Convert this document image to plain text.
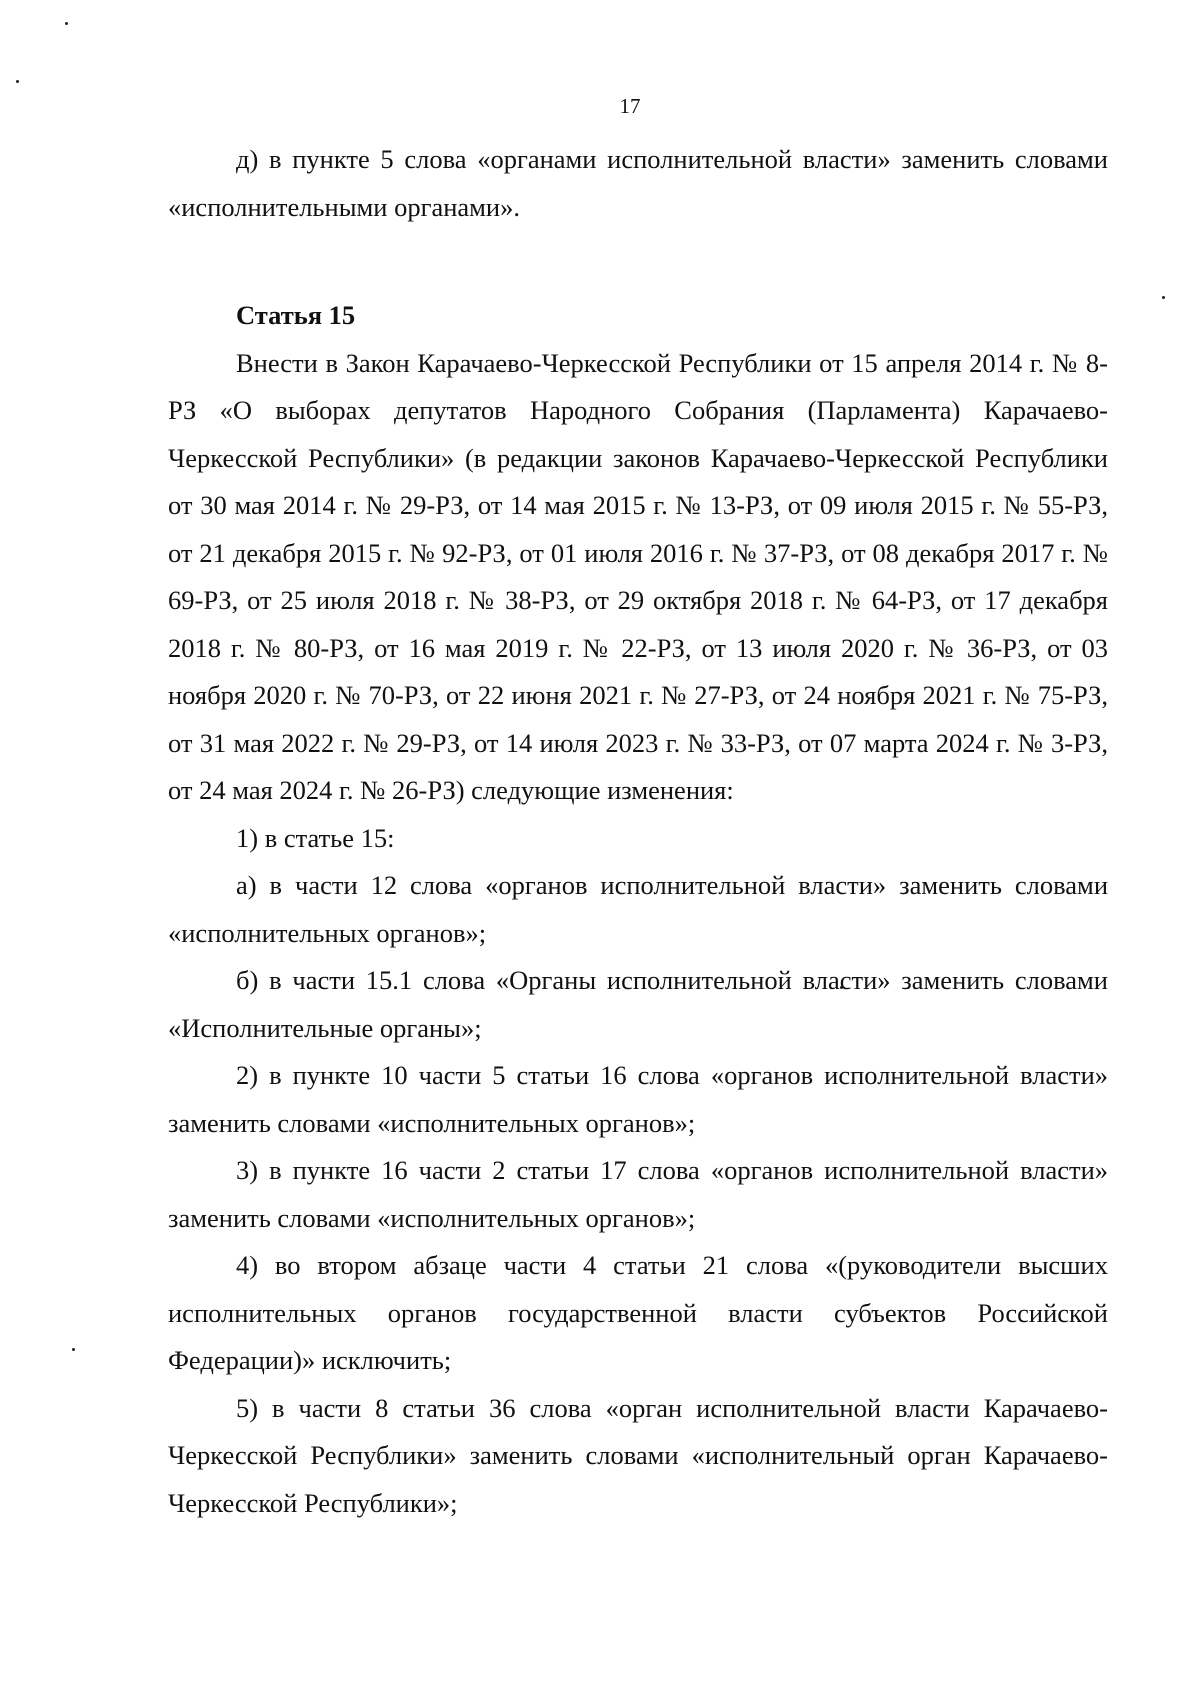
17

д) в пункте 5 слова «органами исполнительной власти» заменить словами «исполнительными органами».

Статья 15

Внести в Закон Карачаево-Черкесской Республики от 15 апреля 2014 г. № 8-РЗ «О выборах депутатов Народного Собрания (Парламента) Карачаево-Черкесской Республики» (в редакции законов Карачаево-Черкесской Республики от 30 мая 2014 г. № 29-РЗ, от 14 мая 2015 г. № 13-РЗ, от 09 июля 2015 г. № 55-РЗ, от 21 декабря 2015 г. № 92-РЗ, от 01 июля 2016 г. № 37-РЗ, от 08 декабря 2017 г. № 69-РЗ, от 25 июля 2018 г. № 38-РЗ, от 29 октября 2018 г. № 64-РЗ, от 17 декабря 2018 г. № 80-РЗ, от 16 мая 2019 г. № 22-РЗ, от 13 июля 2020 г. № 36-РЗ, от 03 ноября 2020 г. № 70-РЗ, от 22 июня 2021 г. № 27-РЗ, от 24 ноября 2021 г. № 75-РЗ, от 31 мая 2022 г. № 29-РЗ, от 14 июля 2023 г. № 33-РЗ, от 07 марта 2024 г. № 3-РЗ, от 24 мая 2024 г. № 26-РЗ) следующие изменения:

1) в статье 15:

а) в части 12 слова «органов исполнительной власти» заменить словами «исполнительных органов»;

б) в части 15.1 слова «Органы исполнительной власти» заменить словами «Исполнительные органы»;

2) в пункте 10 части 5 статьи 16 слова «органов исполнительной власти» заменить словами «исполнительных органов»;

3) в пункте 16 части 2 статьи 17 слова «органов исполнительной власти» заменить словами «исполнительных органов»;

4) во втором абзаце части 4 статьи 21 слова «(руководители высших исполнительных органов государственной власти субъектов Российской Федерации)» исключить;

5) в части 8 статьи 36 слова «орган исполнительной власти Карачаево-Черкесской Республики» заменить словами «исполнительный орган Карачаево-Черкесской Республики»;
